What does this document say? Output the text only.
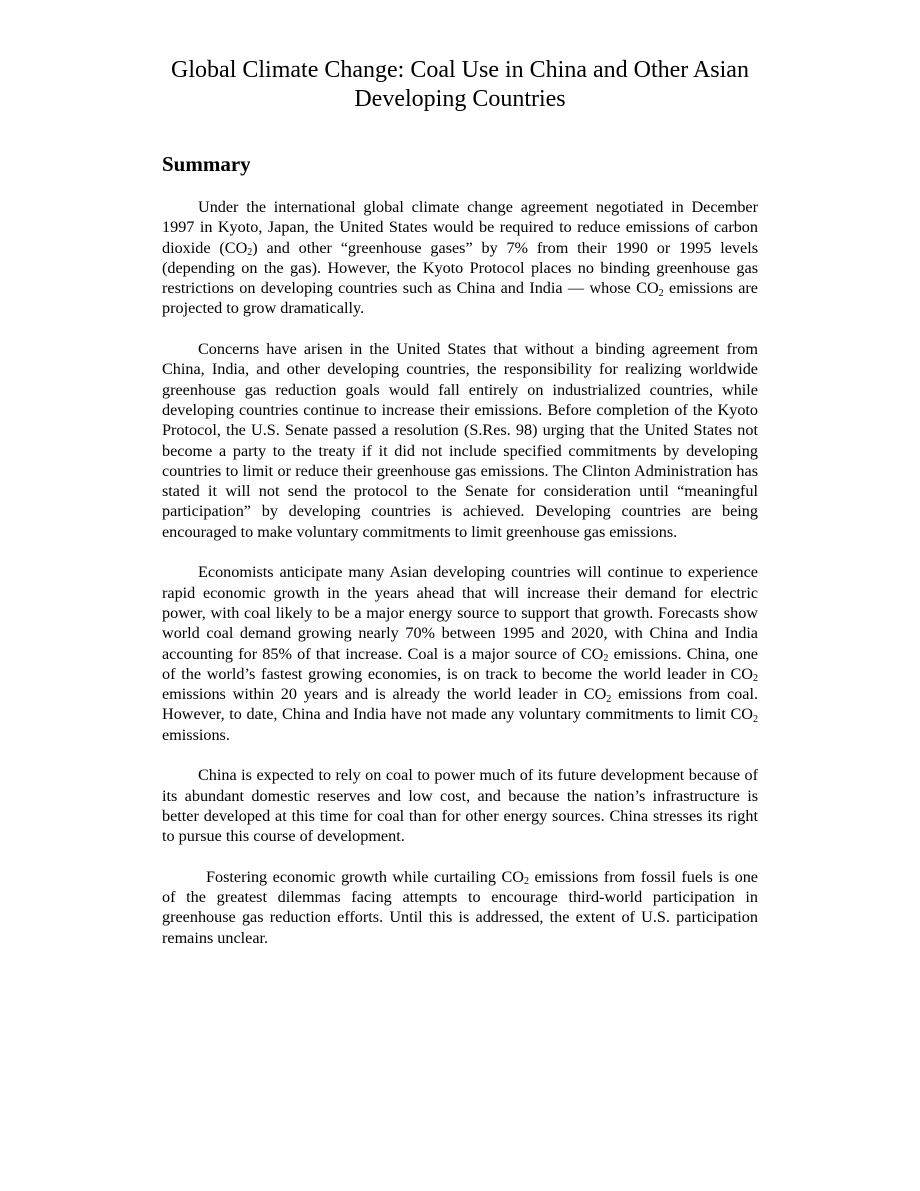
Global Climate Change: Coal Use in China and Other Asian Developing Countries
Summary

Under the international global climate change agreement negotiated in December 1997 in Kyoto, Japan, the United States would be required to reduce emissions of carbon dioxide $(CO_2)$ and other “greenhouse gases” by 7% from their 1990 or 1995 levels (depending on the gas). However, the Kyoto Protocol places no binding greenhouse gas restrictions on developing countries such as China and India — whose $CO_2$ emissions are projected to grow dramatically.

Concerns have arisen in the United States that without a binding agreement from China, India, and other developing countries, the responsibility for realizing worldwide greenhouse gas reduction goals would fall entirely on industrialized countries, while developing countries continue to increase their emissions. Before completion of the Kyoto Protocol, the U.S. Senate passed a resolution (S.Res. 98) urging that the United States not become a party to the treaty if it did not include specified commitments by developing countries to limit or reduce their greenhouse gas emissions. The Clinton Administration has stated it will not send the protocol to the Senate for consideration until “meaningful participation” by developing countries is achieved. Developing countries are being encouraged to make voluntary commitments to limit greenhouse gas emissions.

Economists anticipate many Asian developing countries will continue to experience rapid economic growth in the years ahead that will increase their demand for electric power, with coal likely to be a major energy source to support that growth. Forecasts show world coal demand growing nearly 70% between 1995 and 2020, with China and India accounting for 85% of that increase. Coal is a major source of $CO_2$ emissions. China, one of the world’s fastest growing economies, is on track to become the world leader in $CO_2$ emissions within 20 years and is already the world leader in $CO_2$ emissions from coal. However, to date, China and India have not made any voluntary commitments to limit $CO_2$ emissions.

China is expected to rely on coal to power much of its future development because of its abundant domestic reserves and low cost, and because the nation’s infrastructure is better developed at this time for coal than for other energy sources. China stresses its right to pursue this course of development.

Fostering economic growth while curtailing $CO_2$ emissions from fossil fuels is one of the greatest dilemmas facing attempts to encourage third-world participation in greenhouse gas reduction efforts. Until this is addressed, the extent of U.S. participation remains unclear.
